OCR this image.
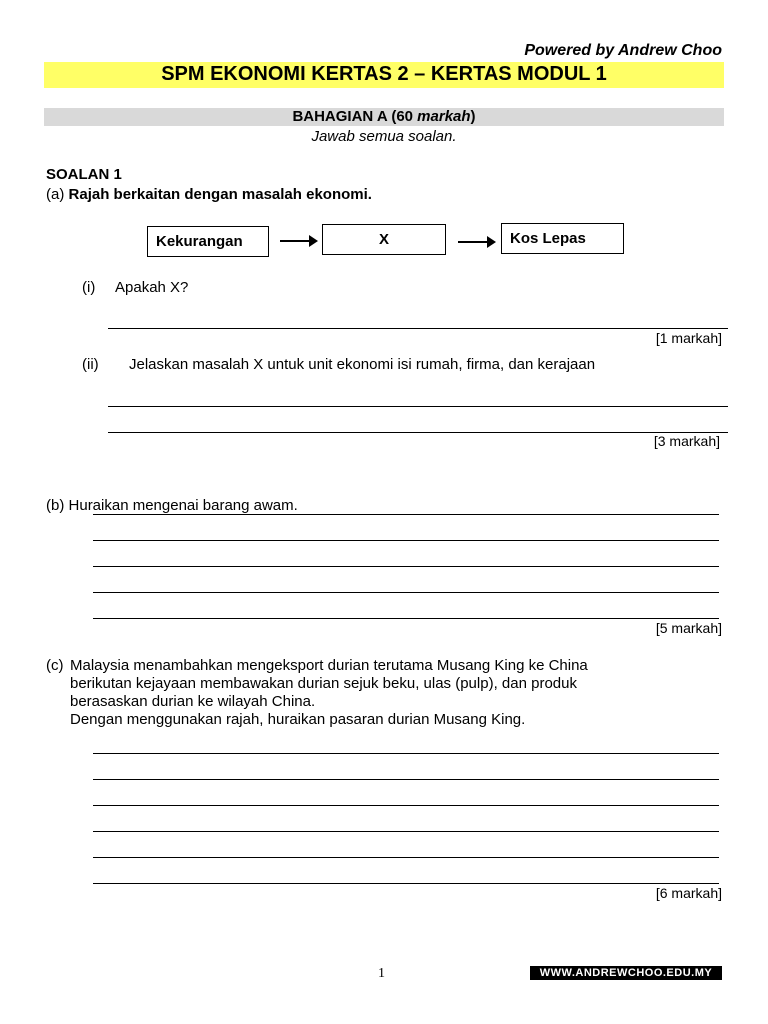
Powered by Andrew Choo
SPM EKONOMI KERTAS 2 – KERTAS MODUL 1
BAHAGIAN A (60 markah)
Jawab semua soalan.
SOALAN 1
(a) Rajah berkaitan dengan masalah ekonomi.
Kekurangan	X	Kos Lepas
(i) Apakah X?
[1 markah]
(ii) Jelaskan masalah X untuk unit ekonomi isi rumah, firma, dan kerajaan
[3 markah]
(b) Huraikan mengenai barang awam.
[5 markah]
(c) Malaysia menambahkan mengeksport durian terutama Musang King ke China
berikutan kejayaan membawakan durian sejuk beku, ulas (pulp), dan produk
berasaskan durian ke wilayah China.
Dengan menggunakan rajah, huraikan pasaran durian Musang King.
[6 markah]
1	WWW.ANDREWCHOO.EDU.MY
